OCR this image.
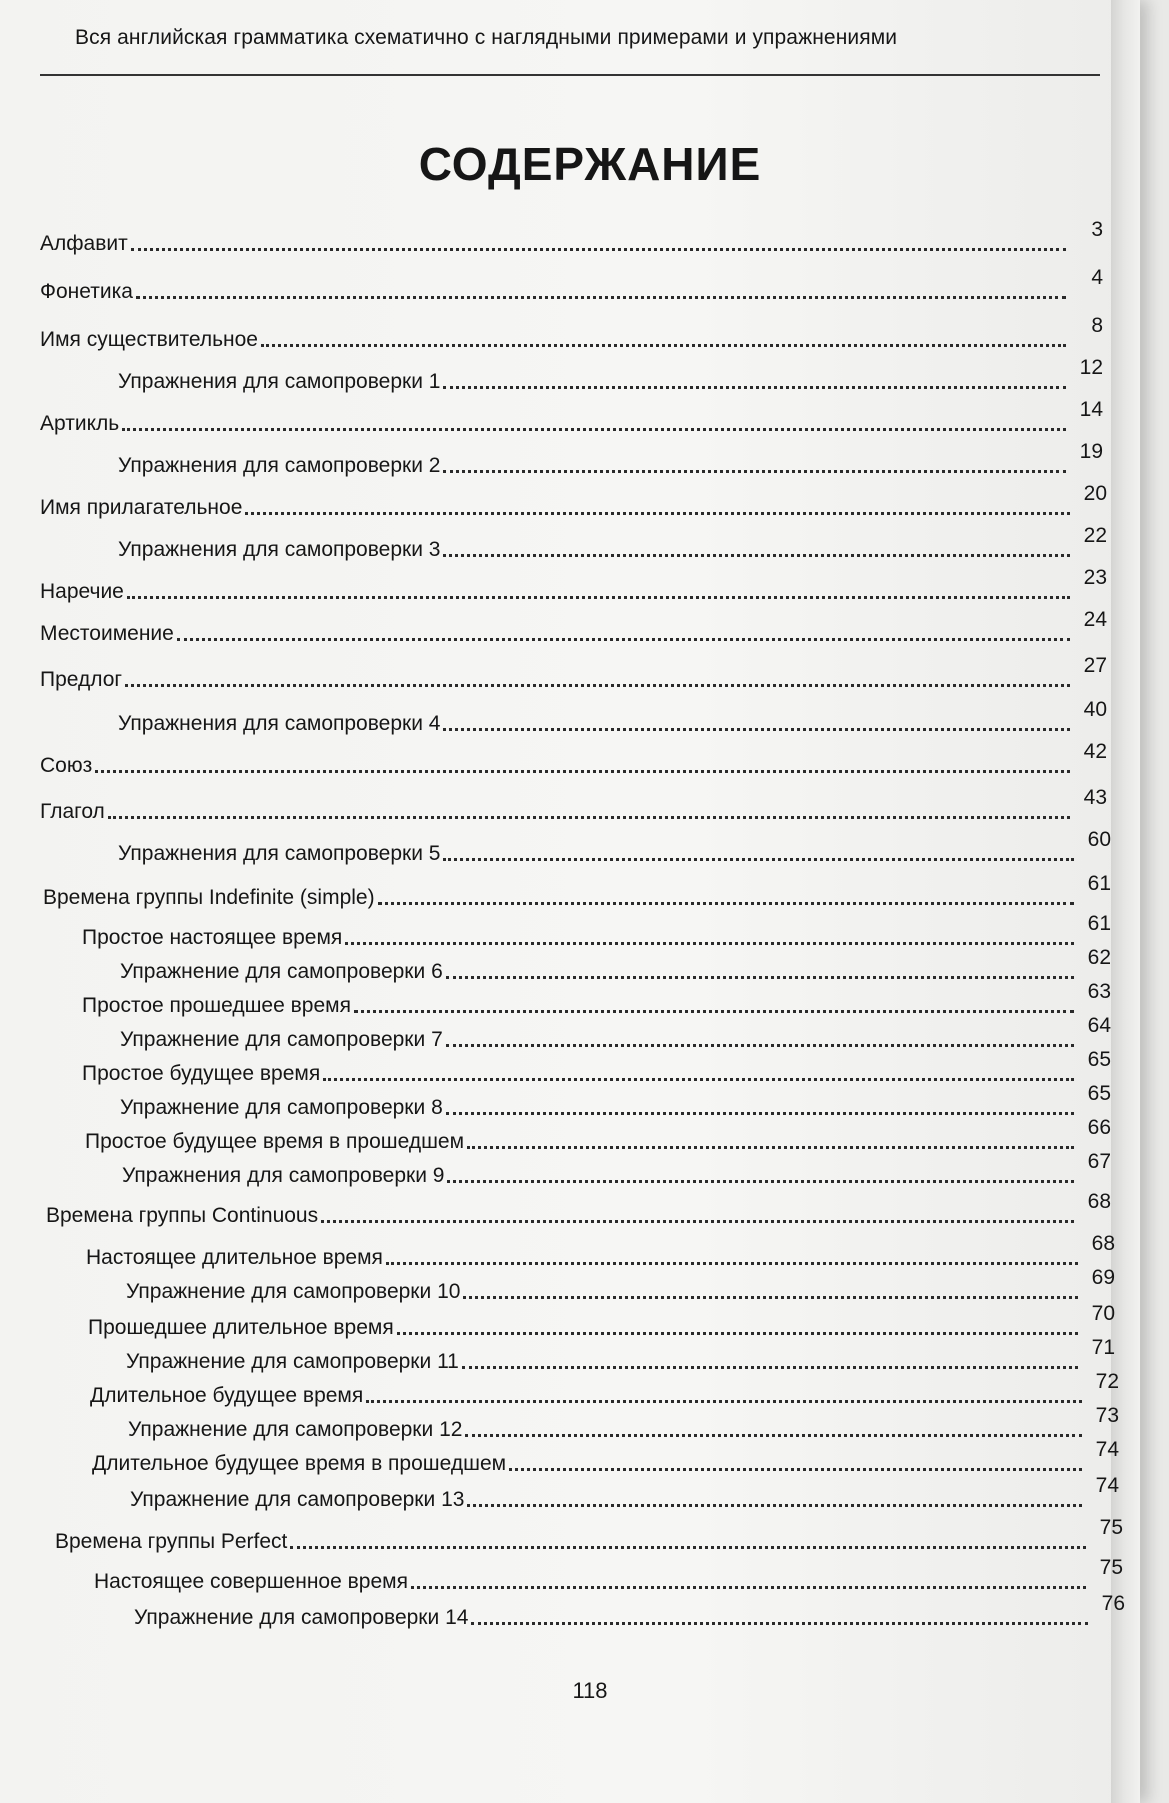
Вся английская грамматика схематично с наглядными примерами и упражнениями
СОДЕРЖАНИЕ
Алфавит
3
Фонетика
4
Имя существительное
8
Упражнения для самопроверки 1
12
Артикль
14
Упражнения для самопроверки 2
19
Имя прилагательное
20
Упражнения для самопроверки 3
22
Наречие
23
Местоимение
24
Предлог
27
Упражнения для самопроверки 4
40
Союз
42
Глагол
43
Упражнения для самопроверки 5
60
Времена группы Indefinite (simple)
61
Простое настоящее время
61
Упражнение для самопроверки 6
62
Простое прошедшее время
63
Упражнение для самопроверки 7
64
Простое будущее время
65
Упражнение для самопроверки 8
65
Простое будущее время в прошедшем
66
Упражнения для самопроверки 9
67
Времена группы Continuous
68
Настоящее длительное время
68
Упражнение для самопроверки 10
69
Прошедшее длительное время
70
Упражнение для самопроверки 11
71
Длительное будущее время
72
Упражнение для самопроверки 12
73
Длительное будущее время в прошедшем
74
Упражнение для самопроверки 13
74
Времена группы Perfect
75
Настоящее совершенное время
75
Упражнение для самопроверки 14
76
118
